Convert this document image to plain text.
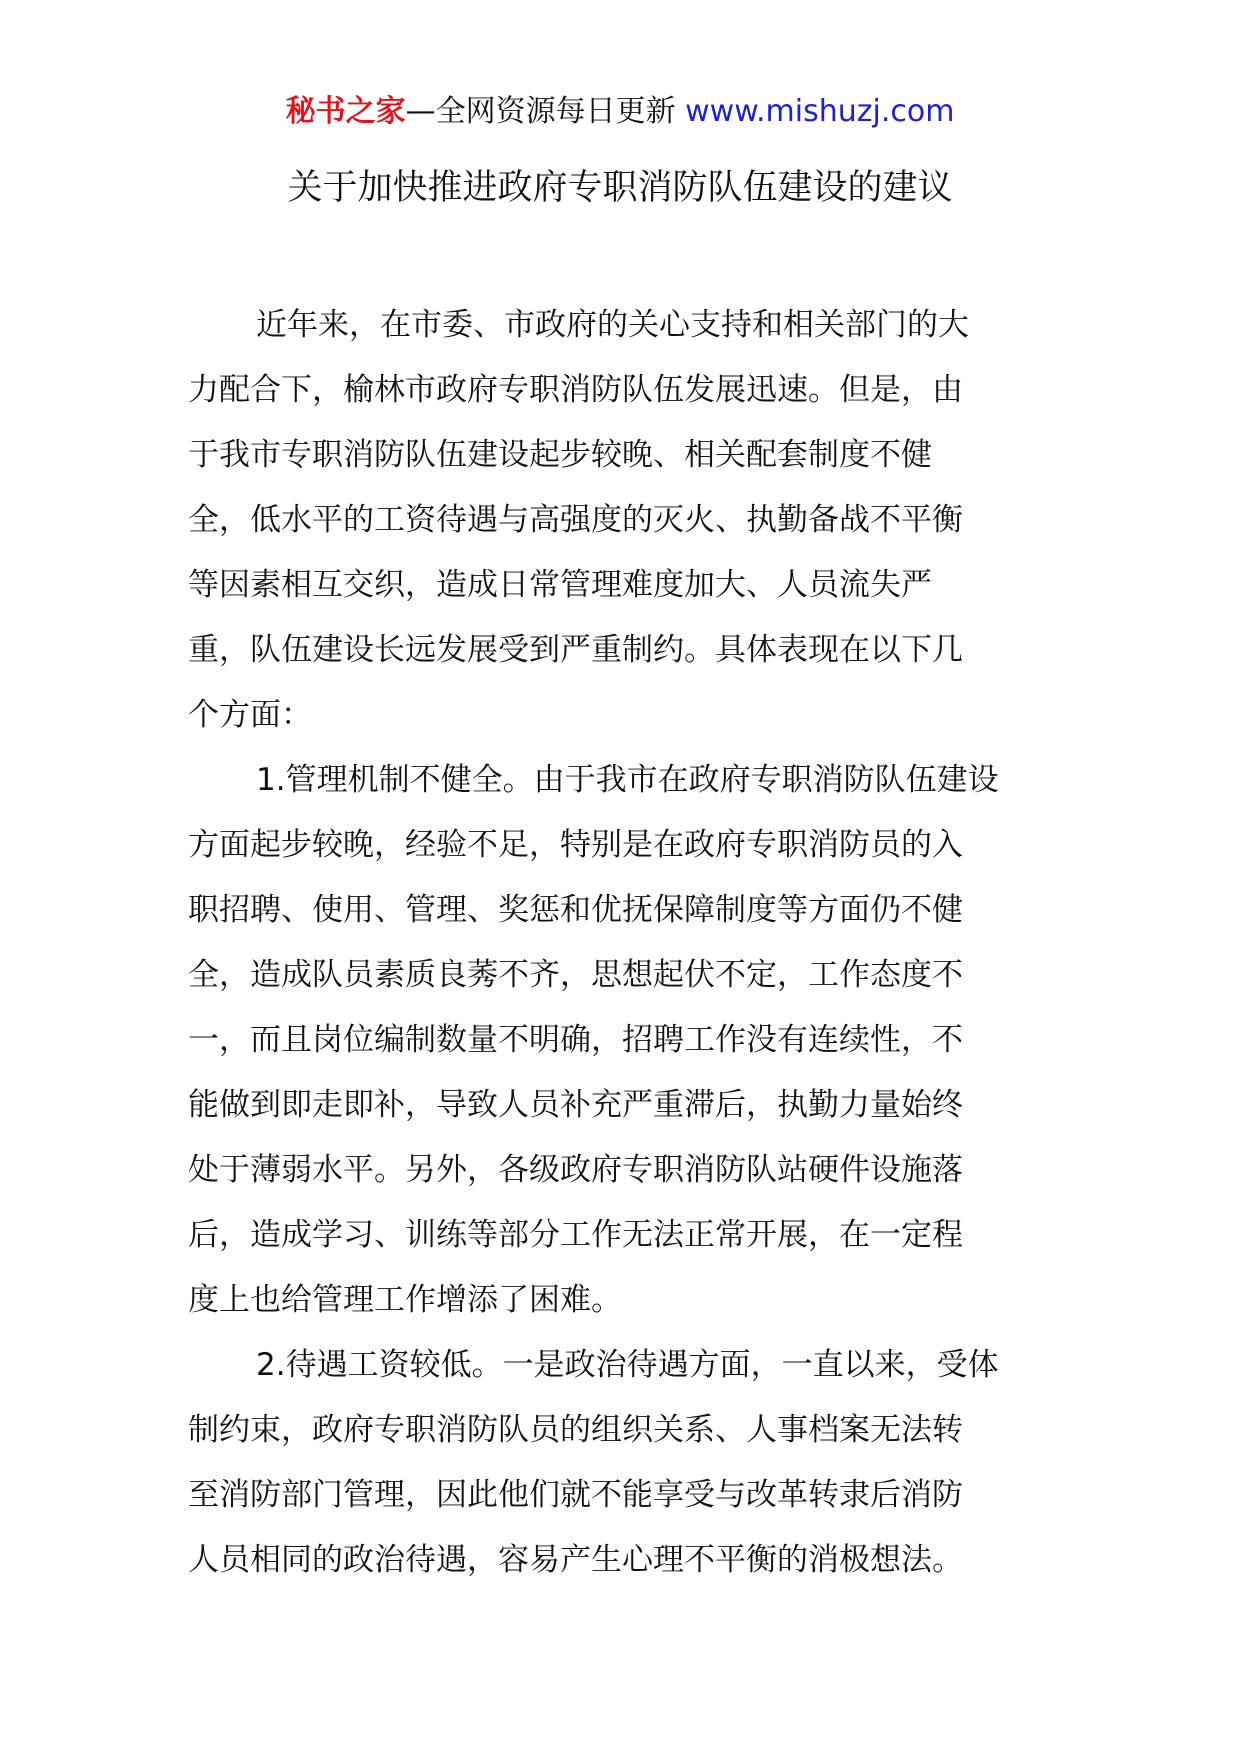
秘书之家—全网资源每日更新 www.mishuzj.com
关于加快推进政府专职消防队伍建设的建议
近年来，在市委、市政府的关心支持和相关部门的大
力配合下，榆林市政府专职消防队伍发展迅速。但是，由
于我市专职消防队伍建设起步较晚、相关配套制度不健
全，低水平的工资待遇与高强度的灭火、执勤备战不平衡
等因素相互交织，造成日常管理难度加大、人员流失严
重，队伍建设长远发展受到严重制约。具体表现在以下几
个方面：
1.管理机制不健全。由于我市在政府专职消防队伍建设
方面起步较晚，经验不足，特别是在政府专职消防员的入
职招聘、使用、管理、奖惩和优抚保障制度等方面仍不健
全，造成队员素质良莠不齐，思想起伏不定，工作态度不
一，而且岗位编制数量不明确，招聘工作没有连续性，不
能做到即走即补，导致人员补充严重滞后，执勤力量始终
处于薄弱水平。另外，各级政府专职消防队站硬件设施落
后，造成学习、训练等部分工作无法正常开展，在一定程
度上也给管理工作增添了困难。
2.待遇工资较低。一是政治待遇方面，一直以来，受体
制约束，政府专职消防队员的组织关系、人事档案无法转
至消防部门管理，因此他们就不能享受与改革转隶后消防
人员相同的政治待遇，容易产生心理不平衡的消极想法。
